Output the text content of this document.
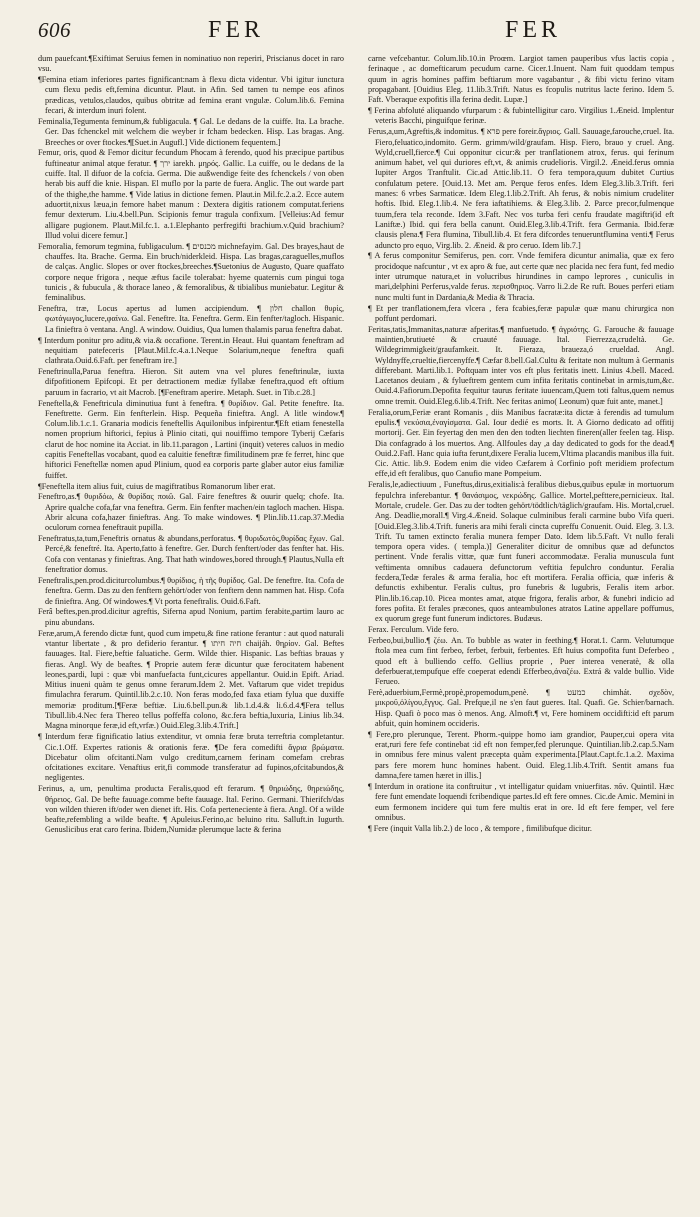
606	FER	FER

dum pauefcant.¶Exiftimat Seruius femen in nominatiuo non reperiri, Priscianus docet in raro vsu.

¶Femina etiam inferiores partes fignificant:nam à flexu dicta videntur. Vbi igitur iunctura cum flexu pedis eft,femina dicuntur. Plaut. in Afin. Sed tamen tu nempe eos afinos prædicas, vetulos,claudos, quibus obtritæ ad femina erant vngulæ. Colum.lib.6. Femina fecari, & interdum inuri folent.

Feminalia,Tegumenta feminum,& fubligacula. ¶ Gal. Le dedans de la cuiffe. Ita. La brache. Ger. Das fchenckel mit welchem die weyber ir fcham bedecken. Hisp. Las bragas. Ang. Breeches or over ftockes.¶[Suet.in Augufl.] Vide dictionem fequentem.]

Femur, oris, quod & Femor dicitur fecundum Phocam à ferendo, quod his præcipue partibus fuftineatur animal atque feratur. ¶ ירך iarekh. μηρός. Gallic. La cuiffe, ou le dedans de la cuiffe. Ital. Il difuor de la cofcia. Germa. Die außwendige feite des fchenckels / von oben herab bis auff die knie. Hispan. El muflo por la parte de fuera. Anglic. The out warde part of the thighe,the hamme. ¶ Vide latius in dictione femen. Plaut.in Mil.fc.2.a.2. Ecce autem aduortit,nixus læua,in femore habet manum : Dextera digitis rationem computat.feriens femur dexterum. Liu.4.bell.Pun. Scipionis femur tragula confixum. [Velleius:Ad femur alligare pugionem. Plaut.Mil.fc.1. a.1.Elephanto perfregifti brachium.v.Quid brachium? Illud volui dicere femur.]

Femoralia, femorum tegmina, fubligaculum. ¶ מכנסים michnefayim. Gal. Des brayes,haut de chauffes. Ita. Brache. Germa. Ein bruch/niderkleid. Hispa. Las bragas,caraguelles,muflos de calças. Anglic. Slopes or over ftockes,breeches.¶Suetonius de Augusto, Quare quaffato corpore neque frigora , neque æftus facile tolerabat: hyeme quaternis cum pingui toga tunicis , & fubucula , & thorace laneo , & femoralibus, & tibialibus muniebatur. Legitur & feminalibus.

Feneftra, træ, Locus apertus ad lumen accipiendum. ¶ חלון challon θυρὶς, φωτάγωγος,lucere,φαίνω. Gal. Feneftre. Ita. Feneftra. Germ. Ein fenfter/tagloch. Hispanic. La finieftra ò ventana. Angl. A window. Ouidius, Qua lumen thalamis parua feneftra dabat.

¶ Interdum ponitur pro aditu,& via.& occafione. Terent.in Heaut. Hui quantam feneftram ad nequitiam patefeceris [Plaut.Mil.fc.4.a.1.Neque Solarium,neque feneftra quafi clathrata.Ouid.6.Faft. per feneftram ire.]

Feneftrinulla,Parua feneftra. Hieron. Sit autem vna vel plures feneftrinulæ, iuxta difpofitionem Epifcopi. Et per detractionem mediæ fyllabæ feneftra,quod eft oftium paruum in facrario, vt ait Macrob. [¶Feneftram aperire. Metaph. Suet. in Tib.c.28.]

Feneftella,& Feneftricula diminutiua funt à feneftra. ¶ θυρίδιον. Gal. Petite feneftre. Ita. Feneftrette. Germ. Ein fenfterlein. Hisp. Pequeña finieftra. Angl. A litle window.¶ Colum.lib.1.c.1. Granaria modicis feneftellis Aquilonibus infpirentur.¶Eft etiam fenestella nomen proprium hiftorici, fepius à Plinio citati, qui nouiffimo tempore Tyberij Cæfaris clarut de hoc nomine ita Acciat. in lib.11.paragon , Lartini (inquit) veteres caluos in medio capitis Feneftellas vocabant, quod ea caluitie feneftræ fimilitudinem præ fe ferret, hinc que hiftorici Feneftellæ nomen apud Plinium, quod ea corporis parte glaber autor eius familiæ fuiffet.

¶Feneftella item alius fuit, cuius de magiftratibus Romanorum liber erat.

Feneftro,as.¶ θυριδόω, & θυρίδας ποιῶ. Gal. Faire feneftres & ouurir quelq; chofe. Ita. Aprire qualche cofa,far vna feneftra. Germ. Ein fenfter machen/ein tagloch machen. Hispa. Abrir alcuna cofa,hazer finieftras. Ang. To make windowes. ¶ Plin.lib.11.cap.37.Media oculorum cornea feneftrauit pupilla.

Feneftratus,ta,tum,Feneftris ornatus & abundans,perforatus. ¶ θυριδωτός,θυρίδας ἔχων. Gal. Percé,& feneftré. Ita. Aperto,fatto à feneftre. Ger. Durch fenftert/oder das fenfter hat. His. Cofa con ventanas y finieftras. Ang. That hath windowes,bored through.¶ Plautus,Nulla eft feneftratior domus.

Feneftralis,pen.prod.diciturcolumbus.¶ θυρίδιος, ἡ τῆς θυρίδος. Gal. De feneftre. Ita. Cofa de feneftra. Germ. Das zu den fenftern gehört/oder von fenftern denn nammen hat. Hisp. Cofa de finieftra. Ang. Of windowes.¶ Vt porta feneftralis. Ouid.6.Faft.

Ferâ beftes,pen.prod.dicitur agreftis, Siferna apud Nonium, partim ferabite,partim lauro ac pinu abundans.

Feræ,arum,A ferendo dictæ funt, quod cum impetu,& fine ratione ferantur : aut quod naturali vtantur libertate , & pro defiderio ferantur. ¶ חיה חיתו chaijáh. θηρίον. Gal. Beftes fauuages. Ital. Fiere,beftie faluatiche. Germ. Wilde thier. Hispanic. Las beftias brauas y fieras. Angl. Wy de beaftes. ¶ Proprie autem feræ dicuntur quæ ferocitatem habenent leones,pardi, lupi : quæ vbi manfuefacta funt,cicures appellantur. Ouid.in Epift. Ariad. Mitius inueni quàm te genus omne ferarum.Idem 2. Met. Vaftarum que videt trepidus fimulachra ferarum. Quintil.lib.2.c.10. Non feras modo,fed faxa etiam fylua que duxiffe memoriæ proditum.[¶Feræ beftiæ. Liu.6.bell.pun.& lib.1.d.4.& li.6.d.4.¶Fera tellus Tibull.lib.4.Nec fera Thereo tellus poffeffa colono, &c.fera beftia,luxuria, Linius lib.34. Magna minorque feræ,id eft,vrfæ.) Ouid.Eleg.3.lib.4.Trift.]

¶ Interdum feræ fignificatio latius extenditur, vt omnia feræ bruta terreftria completantur. Cic.1.Off. Expertes rationis & orationis feræ. ¶De fera comedifti ἄγρια βρώματα. Dicebatur olim ofcitanti.Nam vulgo creditum,carnem ferinam comefam crebras ofcitationes excitare. Venaftius erit,fi commode transferatur ad fupinos,ofcitabundos,& negligentes.

Ferinus, a, um, penultima producta Feralis,quod eft ferarum. ¶ θηριώδης, θηρειώδης, θήρειος. Gal. De befte fauuage.comme befte fauuage. Ital. Ferino. Germani. Thierifch/das von wilden thieren ift/oder wen dienet ift. His. Cofa perteneciente à fiera. Angl. Of a wilde beafte,refembling a wilde beafte. ¶ Apuleius.Ferino,ac beluino ritu. Salluft.in Iugurth. Genuslicibus erat caro ferina. Ibidem,Numidæ plerumque lacte & ferina

carne vefcebantur. Colum.lib.10.in Proœm. Largiot tamen pauperibus vfus lactis copia , ferinaque , ac domefticarum pecudum carne. Cicer.1.Inuent. Nam fuit quoddam tempus quum in agris homines paffim beftiarum more vagabantur , & fibi victu ferino vitam propagabant. [Ouidius Eleg. 11.lib.3.Trift. Natus es fcopulis nutritus lacte ferino. Idem 5. Faft. Vberaque expofitis illa ferina dedit. Lupæ.]

¶ Ferina abfoluté aliquando vfurparum : & fubintelligitur caro. Virgilius 1.Æneid. Implentur veteris Bacchi, pinguifque ferinæ.

Ferus,a,um,Agreftis,& indomitus. ¶ פרא pere foreir.ἄγριος. Gall. Sauuage,farouche,cruel. Ita. Fiero,feluatico,indomito. Germ. grimm/wild/graufam. Hisp. Fiero, brauo y cruel. Ang. Wyld,cruell,fierce.¶ Cui opponitur cicur:& per tranflationem atrox, ferus. qui ferinum animum habet, vel qui duriores eft,vt, & animis crudelioris. Virgil.2. Æneid.ferus omnia Iupiter Argos Tranftulit. Cic.ad Attic.lib.11. O fera tempora,quum dubitet Curtius confulatum petere. [Ouid.13. Met am. Perque feros enfes. Idem Eleg.3.lib.3.Trift. feri manes: 6 vrbes Sarmaticæ. Idem Eleg.1.lib.2.Trift. Ah ferus, & nobis nimium crudeliter hoftis. Ibid. Eleg.1.lib.4. Ne fera iaftatihiems. & Eleg.3.lib. 2. Parce precor,fulmenque tuum,fera tela reconde. Idem 3.Faft. Nec vos turba feri cenfu fraudate magiftri(id eft Laniftæ.) Ibid. qui fera bella canunt. Ouid.Eleg.3.lib.4.Trift. fera Germania. Ibid.feræ clausis plena.¶ Fera flumina, Tibull.lib.4. Et fera difcordes tenueruntflumina venti.¶ Ferus aduncto pro equo, Virg.lib. 2. Æneid. & pro ceruo. Idem lib.7.]

¶ A ferus componitur Semiferus, pen. corr. Vnde femifera dicuntur animalia, quæ ex fero procidoque nafcuntur , vt ex apro & fue, aut certe quæ nec placida nec fera funt, fed medio inter utrumque natura,et in volucribus hirundines in campo leprores , cuniculis in mari,delphini Perferus,valde ferus. περισθηριος. Varro li.2.de Re ruft. Boues perferi etiam nunc multi funt in Dardania,& Media & Thracia.

¶ Et per tranflationem,fera vlcera , fera fcabies,feræ papulæ quæ manu chirurgica non poffunt perdomari.

Feritas,tatis,Immanitas,naturæ afperitas.¶ manfuetudo. ¶ ἀγριότης. G. Farouche & fauuage maintien,brutiueté & cruauté fauuage. Ital. Fierrezza,crudeltà. Ge. Wildegrimmigkeit/graufamkeit. It. Fieraza, braueza,ó crueldad. Angl. Wyldnyffe,crueltie,fiercenyffe.¶ Cæfar 8.bell.Gal.Cultu & feritate non multum à Germanis differebant. Marti.lib.1. Poftquam inter vos eft plus feritatis inett. Linius 4.bell. Maced. Lacetanos deuiam , & fylueftrem gentem cum infita feritatis continebat in armis,tum,&c. Ouid.4.Fafiorum.Depofita fequitur taurus feritate iuuencam,Quem toti faltus,quem nemus omne tremit. Ouid.Eleg.6.lib.4.Trift. Nec feritas animo( Leonum) quæ fuit ante, manet.]

Feralia,orum,Feriæ erant Romanis , diis Manibus facratæ:ita dictæ à ferendis ad tumulum epulis.¶ νεκύσια,ἐναγίσματα. Gal. Iour dedié es morts. It. A Giorno dedicato ad offitij mortorij. Ger. Ein feyertag den men den den todten liechten fineren(aller feelen tag. Hisp. Dia confagrado à los muertos. Ang. Allfoules day ,a day dedicated to gods for the dead.¶ Ouid.2.Fafl. Hanc quia iufta ferunt,dixere Feralia lucem,Vltima placandis manibus illa fuit. Cic. Attic. lib.9. Eodem enim die video Cæfarem à Corfinio poft meridiem profectum effe,id eft feralibus, quo Canufio mane Pompeium.

Feralis,le,adiectiuum , Funeftus,dirus,exitialis:à feralibus diebus,quibus epulæ in mortuorum fepulchra inferebantur. ¶ θανάσιμος, νεκρώδης. Gallice. Mortel,pefttere,pernicieux. Ital. Mortale, crudele. Ger. Das zu der todten gehört/tödtlich/täglich/graufam. His. Mortal,cruel. Ang. Deadlie,morall.¶ Virg.4.Æneid. Solaque culminibus ferali carmine bubo Vifa queri.[Ouid.Eleg.3.lib.4.Trift. funeris ara mihi ferali cincta cupreffu Conuenit. Ouid. Eleg. 3. l.3. Trift. Tu tamen extincto feralia munera femper Dato. Idem lib.5.Faft. Vt nullo ferali tempora opera vides. ( templa.)] Generaliter dicitur de omnibus quæ ad defunctos pertinent. Vnde feralis vittæ, quæ funt funeri accommodatæ. Feralia munuscula funt veftimenta omnibus cadauera defunctorum veftitia fepulchro conduntur. Feralia fecdera,Tedæ ferales & arma feralia, hoc eft mortifera. Feralia officia, quæ inferis & defunctis exhibentur. Feralis cultus, pro funebris & lugubris, Feralis item arbor. Plin.lib.16.cap.10. Picea montes amat, atque frigora, feralis arbor, & funebri indicio ad fores pofita. Et ferales præcones, quos anteambulones atratos Latine appellare poffumus, ex quorum grege funt funerum indictores. Budæus.

Ferax. Ferculum. Vide fero.

Ferbeo,bui,bullio.¶ ζέω. An. To bubble as water in feething.¶ Horat.1. Carm. Velutumque ftola mea cum fint ferbeo, ferbet, ferbuit, ferbentes. Eft huius compofita funt Deferbeo , quod eft à bulliendo ceffo. Gellius proprie , Puer interea veneratè, & olla deferbuerat,tempufque effe coeperat edendi Efferbeo,ἀναζέω. Extrá & valde bullio. Vide Ferueo.

Ferè,aduerbium,Fermè,propè,propemodum,penè. ¶ כמעט chimhát. σχεδὸν, μικροῦ,ὀλίγου,ἔγγυς. Gal. Prefque,il ne s'en faut gueres. Ital. Quafi. Ge. Schier/barnach. Hisp. Quafi ò poco mas ò menos. Ang. Almoft.¶ vt, Fere hominem occidifti:id eft parum abfuit, quin hominem occideris.

¶ Fere,pro plerunque, Terent. Phorm.-quippe homo iam grandior, Pauper,cui opera vita erat,ruri fere fefe continebat :id eft non femper,fed plerunque. Quintilian.lib.2.cap.5.Nam in omnibus fere minus valent præcepta quàm experimenta.[Plaut.Capt.fc.1.a.2. Maxima pars fere morem hunc homines habent. Ouid. Eleg.1.lib.4.Trift. Sentit amans fua damna,fere tamen hæret in illis.]

¶ Interdum in oratione ita conftruitur , vt intelligatur quidam vniuerfitas. πᾶν. Quintil. Hæc fere funt emendate loquendi fcribendique partes.Id eft fere omnes. Cic.de Amic. Memini in eum fermonem incidere qui tum fere multis erat in ore. Id eft fere femper, vel fere omnibus.

¶ Fere (inquit Valla lib.2.) de loco , & tempore , fimilibufque dicitur.
